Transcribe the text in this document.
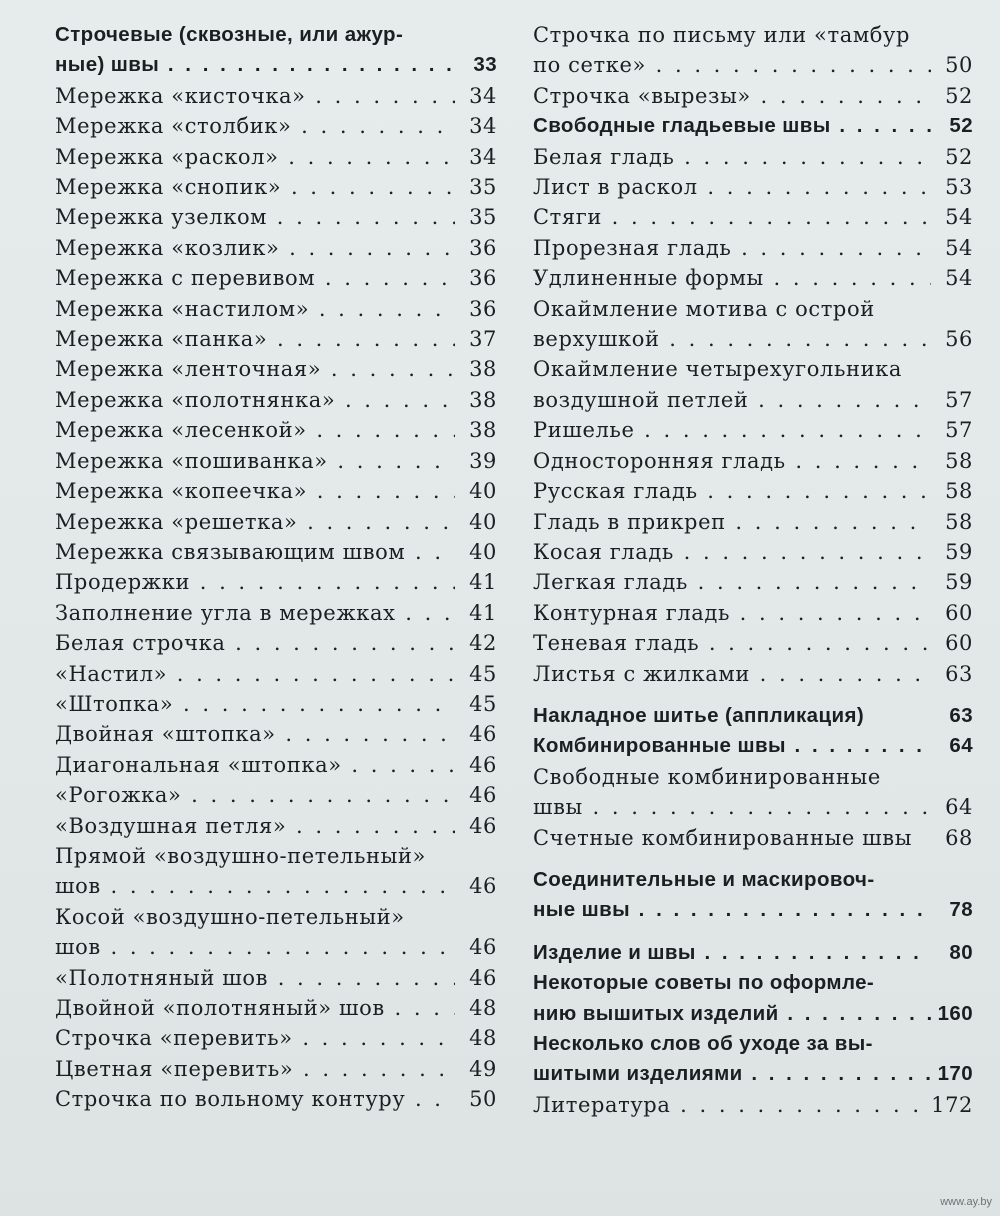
Строчевые (сквозные, или ажур-
ные) швы . . .	33
Мережка «кисточка» . . .	34
Мережка «столбик» . . .	34
Мережка «раскол» . . .	34
Мережка «снопик» . . .	35
Мережка узелком . . .	35
Мережка «козлик» . . .	36
Мережка с перевивом . . .	36
Мережка «настилом» . . .	36
Мережка «панка» . . .	37
Мережка «ленточная» . . .	38
Мережка «полотнянка» . . .	38
Мережка «лесенкой» . . .	38
Мережка «пошиванка» . . .	39
Мережка «копеечка» . . .	40
Мережка «решетка» . . .	40
Мережка связывающим швом . . .	40
Продержки . . .	41
Заполнение угла в мережках . . .	41
Белая строчка . . .	42
«Настил» . . .	45
«Штопка» . . .	45
Двойная «штопка» . . .	46
Диагональная «штопка» . . .	46
«Рогожка» . . .	46
«Воздушная петля» . . .	46
Прямой «воздушно-петельный»
шов . . .	46
Косой «воздушно-петельный»
шов . . .	46
«Полотняный шов . . .	46
Двойной «полотняный» шов . . .	48
Строчка «перевить» . . .	48
Цветная «перевить» . . .	49
Строчка по вольному контуру . . .	50
Строчка по письму или «тамбур
по сетке» . . .	50
Строчка «вырезы» . . .	52
Свободные гладьевые швы . . .	52
Белая гладь . . .	52
Лист в раскол . . .	53
Стяги . . .	54
Прорезная гладь . . .	54
Удлиненные формы . . .	54
Окаймление мотива с острой
верхушкой . . .	56
Окаймление четырехугольника
воздушной петлей . . .	57
Ришелье . . .	57
Односторонняя гладь . . .	58
Русская гладь . . .	58
Гладь в прикреп . . .	58
Косая гладь . . .	59
Легкая гладь . . .	59
Контурная гладь . . .	60
Теневая гладь . . .	60
Листья с жилками . . .	63
Накладное шитье (аппликация)	63
Комбинированные швы . . .	64
Свободные комбинированные
швы . . .	64
Счетные комбинированные швы	68
Соединительные и маскировоч-
ные швы . . .	78
Изделие и швы . . .	80
Некоторые советы по оформле-
нию вышитых изделий . . .	160
Несколько слов об уходе за вы-
шитыми изделиями . . .	170
Литература . . .	172
www.ay.by
